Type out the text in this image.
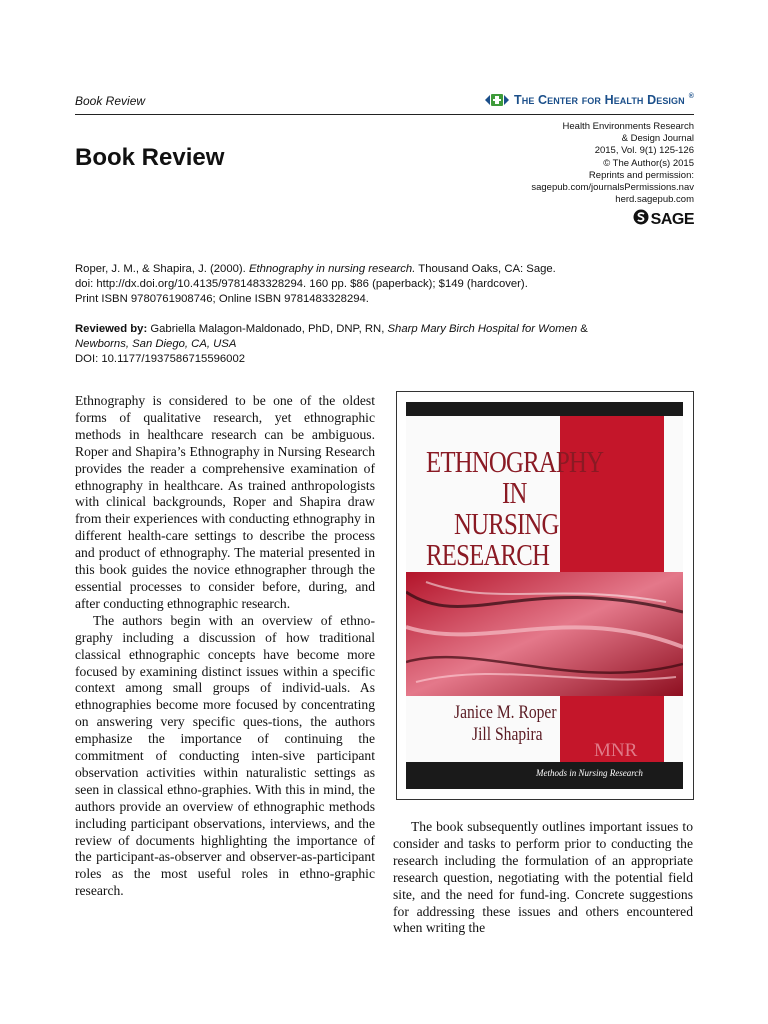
Book Review	The Center for Health Design ®
Book Review
Health Environments Research
& Design Journal
2015, Vol. 9(1) 125-126
© The Author(s) 2015
Reprints and permission:
sagepub.com/journalsPermissions.nav
herd.sagepub.com
SAGE
Roper, J. M., & Shapira, J. (2000). Ethnography in nursing research. Thousand Oaks, CA: Sage.
doi: http://dx.doi.org/10.4135/9781483328294. 160 pp. $86 (paperback); $149 (hardcover).
Print ISBN 9780761908746; Online ISBN 9781483328294.
Reviewed by: Gabriella Malagon-Maldonado, PhD, DNP, RN, Sharp Mary Birch Hospital for Women &
Newborns, San Diego, CA, USA
DOI: 10.1177/1937586715596002

Ethnography is considered to be one of the oldest forms of qualitative research, yet ethnographic methods in healthcare research can be ambiguous. Roper and Shapira’s Ethnography in Nursing Research provides the reader a comprehensive examination of ethnography in healthcare. As trained anthropologists with clinical backgrounds, Roper and Shapira draw from their experiences with conducting ethnography in different health-care settings to describe the process and product of ethnography. The material presented in this book guides the novice ethnographer through the essential processes to consider before, during, and after conducting ethnographic research.

The authors begin with an overview of ethno-graphy including a discussion of how traditional classical ethnographic concepts have become more focused by examining distinct issues within a specific context among small groups of individ-uals. As ethnographies become more focused by concentrating on answering very specific ques-tions, the authors emphasize the importance of continuing the commitment of conducting inten-sive participant observation activities within naturalistic settings as seen in classical ethno-graphies. With this in mind, the authors provide an overview of ethnographic methods including participant observations, interviews, and the review of documents highlighting the importance of the participant-as-observer and observer-as-participant roles as the most useful roles in ethno-graphic research.

ETHNOGRAPHY
IN
NURSING
RESEARCH
Janice M. Roper
Jill Shapira
MNR
Methods in Nursing Research

The book subsequently outlines important issues to consider and tasks to perform prior to conducting the research including the formulation of an appropriate research question, negotiating with the potential field site, and the need for fund-ing. Concrete suggestions for addressing these issues and others encountered when writing the
